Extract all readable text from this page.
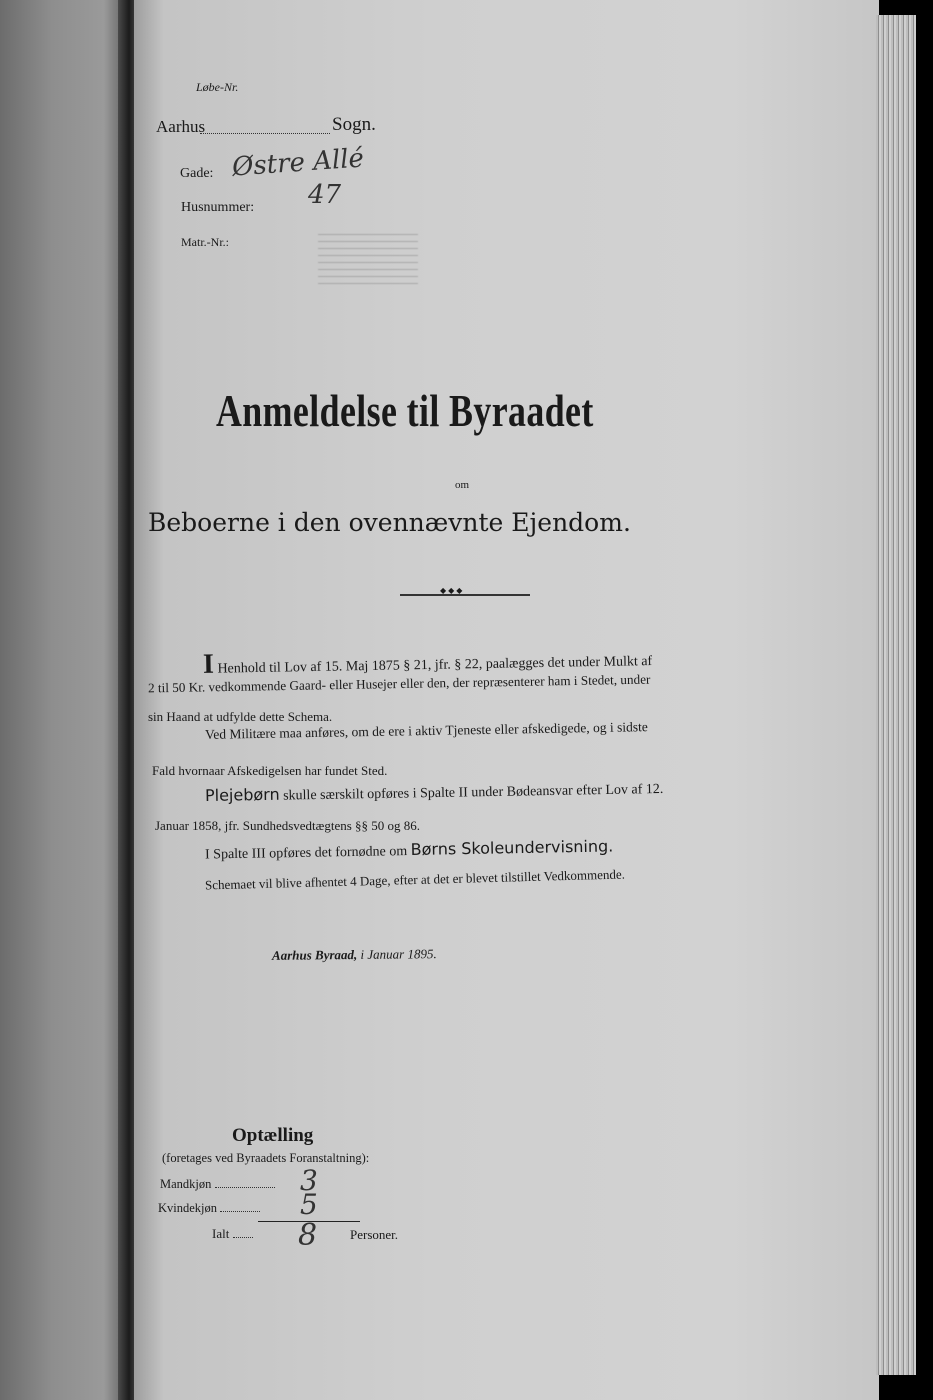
Løbe-Nr.
Aarhus	Sogn.
Gade: Østre Allé
Husnummer: 47
Matr.-Nr.:
Anmeldelse til Byraadet
om
Beboerne i den ovennævnte Ejendom.
◆◆◆
I Henhold til Lov af 15. Maj 1875 § 21, jfr. § 22, paalægges det under Mulkt af
2 til 50 Kr. vedkommende Gaard- eller Husejer eller den, der repræsenterer ham i Stedet, under
sin Haand at udfylde dette Schema.
Ved Militære maa anføres, om de ere i aktiv Tjeneste eller afskedigede, og i sidste
Fald hvornaar Afskedigelsen har fundet Sted.
Plejebørn skulle særskilt opføres i Spalte II under Bødeansvar efter Lov af 12.
Januar 1858, jfr. Sundhedsvedtægtens §§ 50 og 86.
I Spalte III opføres det fornødne om Børns Skoleundervisning.
Schemaet vil blive afhentet 4 Dage, efter at det er blevet tilstillet Vedkommende.
Aarhus Byraad, i Januar 1895.
Optælling
(foretages ved Byraadets Foranstaltning):
Mandkjøn	3
Kvindekjøn	5
Ialt	8	Personer.
